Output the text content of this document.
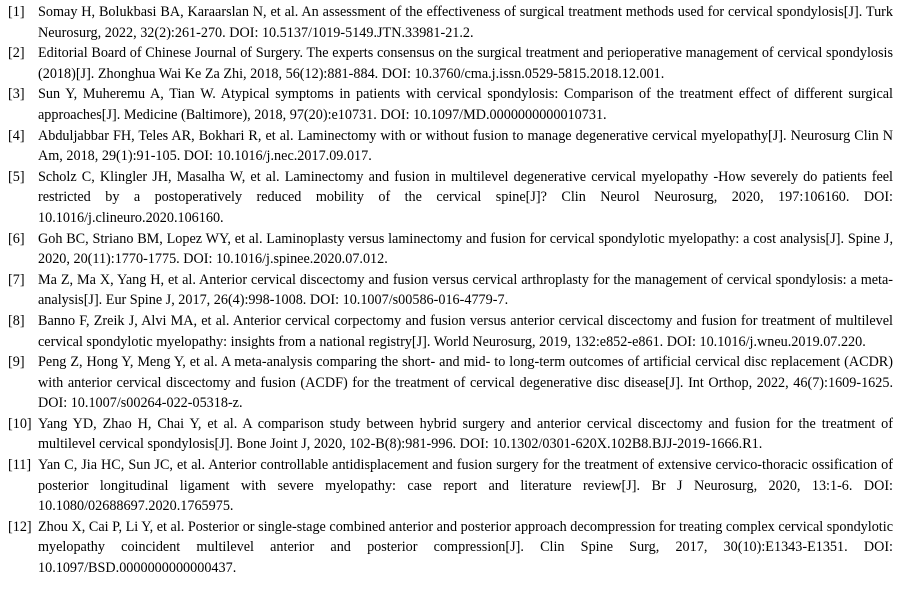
[1] Somay H, Bolukbasi BA, Karaarslan N, et al. An assessment of the effectiveness of surgical treatment methods used for cervical spondylosis[J]. Turk Neurosurg, 2022, 32(2):261-270. DOI: 10.5137/1019-5149.JTN.33981-21.2.
[2] Editorial Board of Chinese Journal of Surgery. The experts consensus on the surgical treatment and perioperative management of cervical spondylosis (2018)[J]. Zhonghua Wai Ke Za Zhi, 2018, 56(12):881-884. DOI: 10.3760/cma.j.issn.0529-5815.2018.12.001.
[3] Sun Y, Muheremu A, Tian W. Atypical symptoms in patients with cervical spondylosis: Comparison of the treatment effect of different surgical approaches[J]. Medicine (Baltimore), 2018, 97(20):e10731. DOI: 10.1097/MD.0000000000010731.
[4] Abduljabbar FH, Teles AR, Bokhari R, et al. Laminectomy with or without fusion to manage degenerative cervical myelopathy[J]. Neurosurg Clin N Am, 2018, 29(1):91-105. DOI: 10.1016/j.nec.2017.09.017.
[5] Scholz C, Klingler JH, Masalha W, et al. Laminectomy and fusion in multilevel degenerative cervical myelopathy -How severely do patients feel restricted by a postoperatively reduced mobility of the cervical spine[J]? Clin Neurol Neurosurg, 2020, 197:106160. DOI: 10.1016/j.clineuro.2020.106160.
[6] Goh BC, Striano BM, Lopez WY, et al. Laminoplasty versus laminectomy and fusion for cervical spondylotic myelopathy: a cost analysis[J]. Spine J, 2020, 20(11):1770-1775. DOI: 10.1016/j.spinee.2020.07.012.
[7] Ma Z, Ma X, Yang H, et al. Anterior cervical discectomy and fusion versus cervical arthroplasty for the management of cervical spondylosis: a meta-analysis[J]. Eur Spine J, 2017, 26(4):998-1008. DOI: 10.1007/s00586-016-4779-7.
[8] Banno F, Zreik J, Alvi MA, et al. Anterior cervical corpectomy and fusion versus anterior cervical discectomy and fusion for treatment of multilevel cervical spondylotic myelopathy: insights from a national registry[J]. World Neurosurg, 2019, 132:e852-e861. DOI: 10.1016/j.wneu.2019.07.220.
[9] Peng Z, Hong Y, Meng Y, et al. A meta-analysis comparing the short- and mid- to long-term outcomes of artificial cervical disc replacement (ACDR) with anterior cervical discectomy and fusion (ACDF) for the treatment of cervical degenerative disc disease[J]. Int Orthop, 2022, 46(7):1609-1625. DOI: 10.1007/s00264-022-05318-z.
[10] Yang YD, Zhao H, Chai Y, et al. A comparison study between hybrid surgery and anterior cervical discectomy and fusion for the treatment of multilevel cervical spondylosis[J]. Bone Joint J, 2020, 102-B(8):981-996. DOI: 10.1302/0301-620X.102B8.BJJ-2019-1666.R1.
[11] Yan C, Jia HC, Sun JC, et al. Anterior controllable antidisplacement and fusion surgery for the treatment of extensive cervico-thoracic ossification of posterior longitudinal ligament with severe myelopathy: case report and literature review[J]. Br J Neurosurg, 2020, 13:1-6. DOI: 10.1080/02688697.2020.1765975.
[12] Zhou X, Cai P, Li Y, et al. Posterior or single-stage combined anterior and posterior approach decompression for treating complex cervical spondylotic myelopathy coincident multilevel anterior and posterior compression[J]. Clin Spine Surg, 2017, 30(10):E1343-E1351. DOI: 10.1097/BSD.0000000000000437.
